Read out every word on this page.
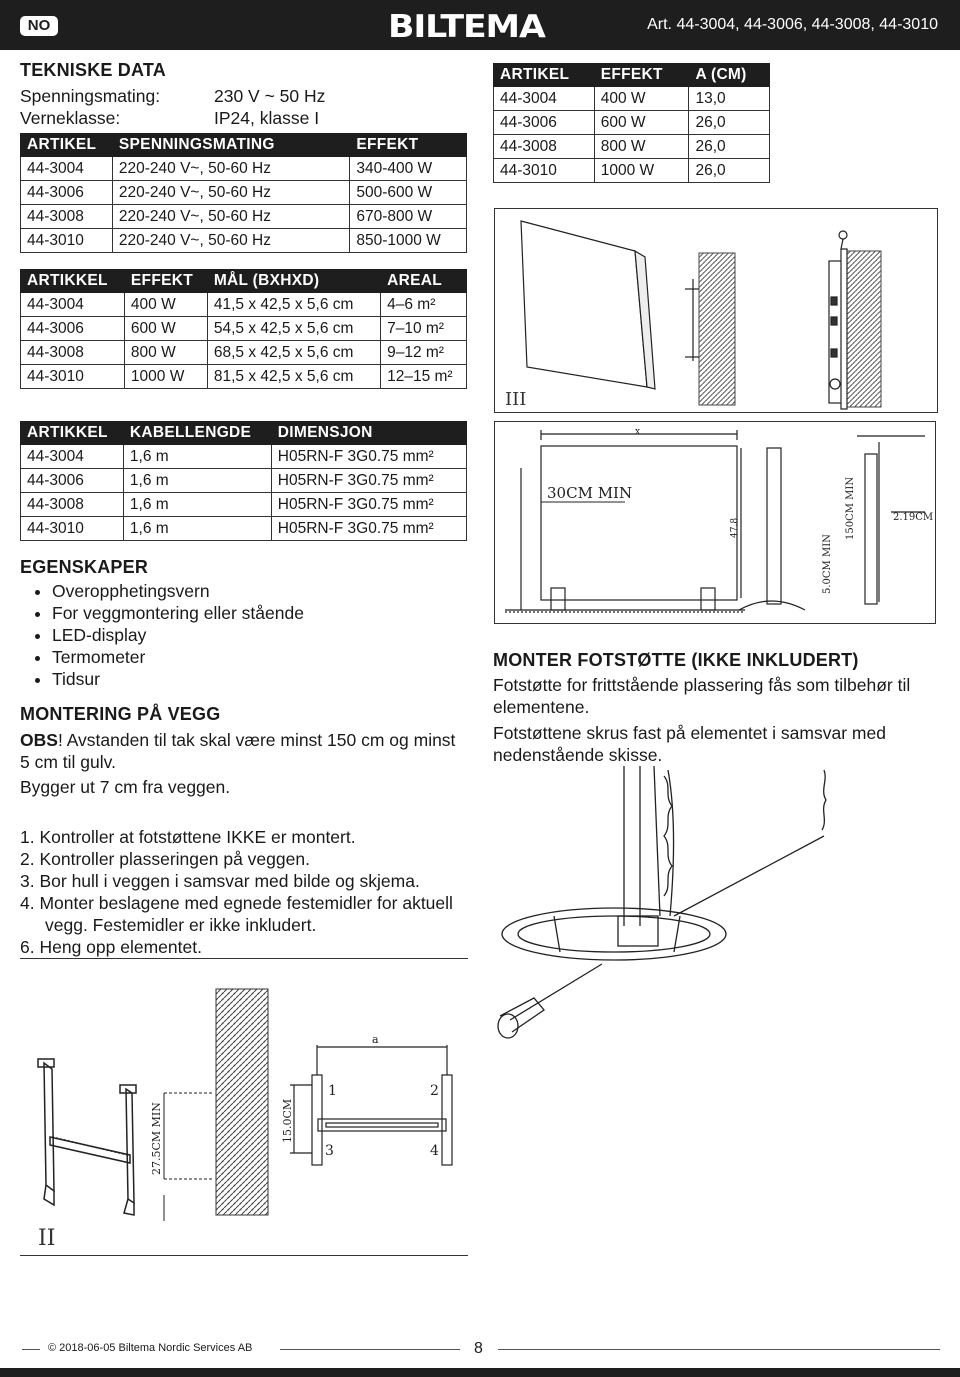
NO	BILTEMA	Art. 44-3004, 44-3006, 44-3008, 44-3010
TEKNISKE DATA
Spenningsmating:	230 V ~ 50 Hz
Verneklasse:	IP24, klasse I
ARTIKEL	SPENNINGSMATING	EFFEKT
44-3004	220-240 V~, 50-60 Hz	340-400 W
44-3006	220-240 V~, 50-60 Hz	500-600 W
44-3008	220-240 V~, 50-60 Hz	670-800 W
44-3010	220-240 V~, 50-60 Hz	850-1000 W
ARTIKKEL	EFFEKT	MÅL (BXHXD)	AREAL
44-3004	400 W	41,5 x 42,5 x 5,6 cm	4–6 m²
44-3006	600 W	54,5 x 42,5 x 5,6 cm	7–10 m²
44-3008	800 W	68,5 x 42,5 x 5,6 cm	9–12 m²
44-3010	1000 W	81,5 x 42,5 x 5,6 cm	12–15 m²
ARTIKKEL	KABELLENGDE	DIMENSJON
44-3004	1,6 m	H05RN-F 3G0.75 mm²
44-3006	1,6 m	H05RN-F 3G0.75 mm²
44-3008	1,6 m	H05RN-F 3G0.75 mm²
44-3010	1,6 m	H05RN-F 3G0.75 mm²
EGENSKAPER
• Overopphetingsvern
• For veggmontering eller stående
• LED-display
• Termometer
• Tidsur
MONTERING PÅ VEGG
OBS! Avstanden til tak skal være minst 150 cm og minst 5 cm til gulv.
Bygger ut 7 cm fra veggen.
1. Kontroller at fotstøttene IKKE er montert.
2. Kontroller plasseringen på veggen.
3. Bor hull i veggen i samsvar med bilde og skjema.
4. Monter beslagene med egnede festemidler for aktuell vegg. Festemidler er ikke inkludert.
6. Heng opp elementet.
27.5CM MIN
II
a
15.0CM
1	2
3	4
ARTIKEL	EFFEKT	A (CM)
44-3004	400 W	13,0
44-3006	600 W	26,0
44-3008	800 W	26,0
44-3010	1000 W	26,0
III
30CM MIN
x
47.8	150CM MIN
5.0CM MIN
2.19CM
MONTER FOTSTØTTE (IKKE INKLUDERT)
Fotstøtte for frittstående plassering fås som tilbehør til elementene.
Fotstøttene skrus fast på elementet i samsvar med nedenstående skisse.
© 2018-06-05 Biltema Nordic Services AB	8
